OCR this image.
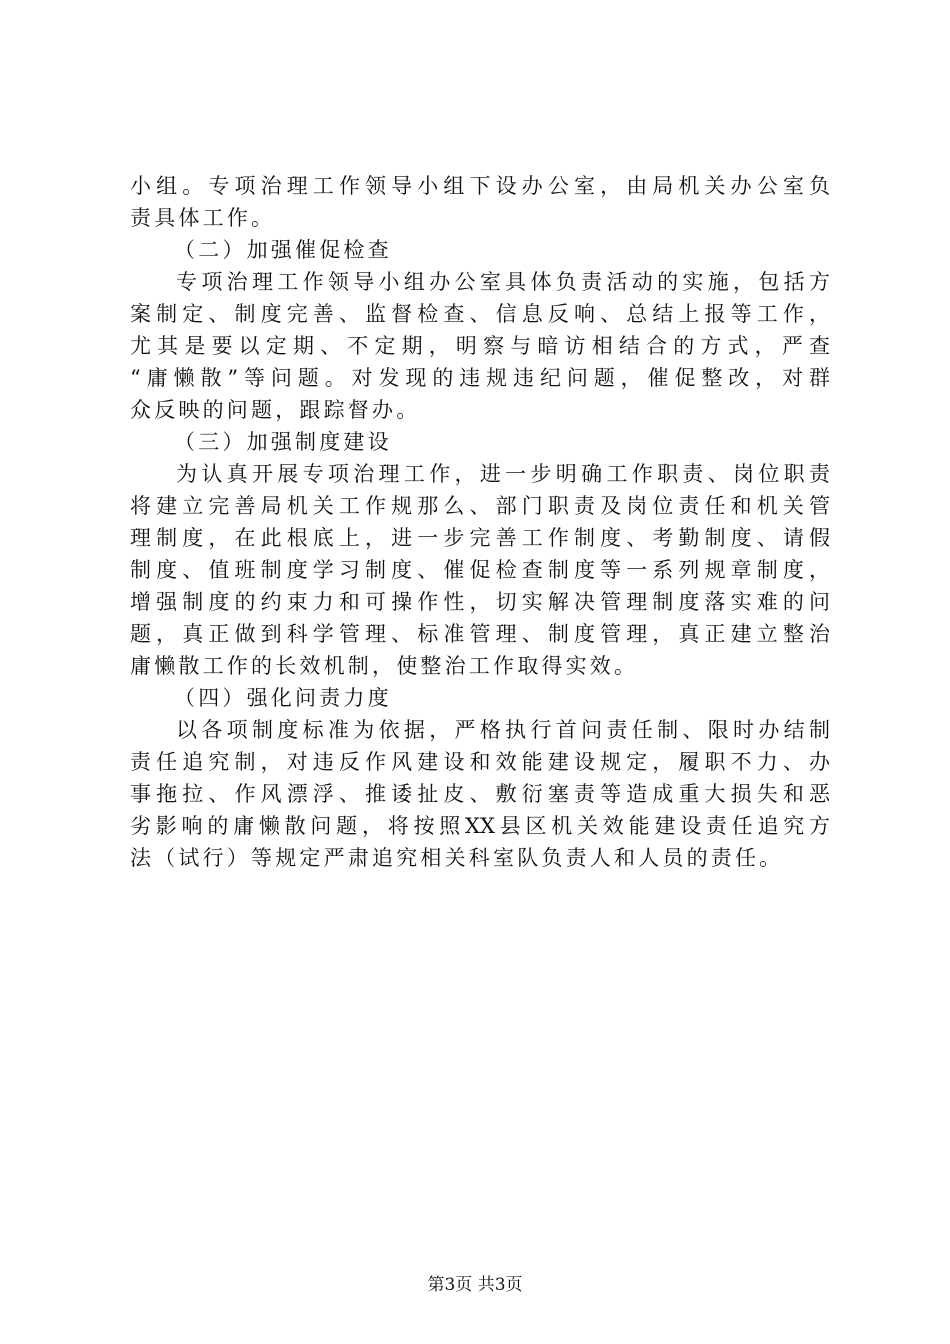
小组。专项治理工作领导小组下设办公室，由局机关办公室负
责具体工作。
（二）加强催促检查
专项治理工作领导小组办公室具体负责活动的实施，包括方
案制定、制度完善、监督检查、信息反响、总结上报等工作，
尤其是要以定期、不定期，明察与暗访相结合的方式，严查
“庸懒散”等问题。对发现的违规违纪问题，催促整改，对群
众反映的问题，跟踪督办。
（三）加强制度建设
为认真开展专项治理工作，进一步明确工作职责、岗位职责
将建立完善局机关工作规那么、部门职责及岗位责任和机关管
理制度，在此根底上，进一步完善工作制度、考勤制度、请假
制度、值班制度学习制度、催促检查制度等一系列规章制度，
增强制度的约束力和可操作性，切实解决管理制度落实难的问
题，真正做到科学管理、标准管理、制度管理，真正建立整治
庸懒散工作的长效机制，使整治工作取得实效。
（四）强化问责力度
以各项制度标准为依据，严格执行首问责任制、限时办结制
责任追究制，对违反作风建设和效能建设规定，履职不力、办
事拖拉、作风漂浮、推诿扯皮、敷衍塞责等造成重大损失和恶
劣影响的庸懒散问题，将按照XX县区机关效能建设责任追究方
法（试行）等规定严肃追究相关科室队负责人和人员的责任。
第3页 共3页
